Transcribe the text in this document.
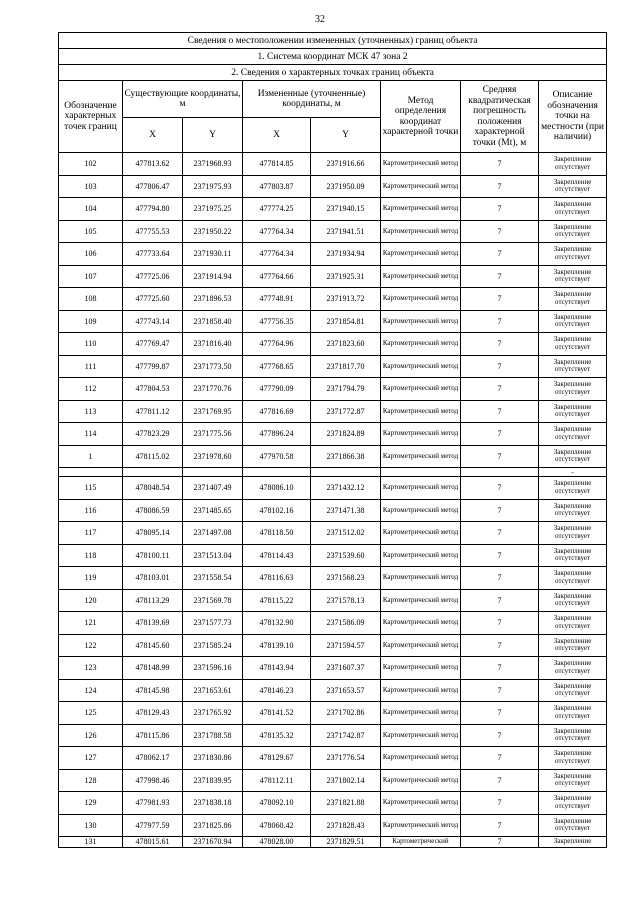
32
Сведения о местоположении измененных (уточненных) границ объекта							
1. Система координат МСК 47 зона 2							
2. Сведения о характерных точках границ объекта							
Обозначение характерных точек границ	Существующие координаты, м		Измененные (уточненные) координаты, м		Метод определения координат характерной точки	Средняя квадратическая погрешность положения характерной точки (Mt), м	Описание обозначения точки на местности (при наличии)
	X	Y	X	Y			
102	477813.62	2371968.93	477814.85	2371916.66	Картометрический метод	7	Закрепление отсутствует
103	477806.47	2371975.93	477803.87	2371950.09	Картометрический метод	7	Закрепление отсутствует
104	477794.80	2371975.25	477774.25	2371940.15	Картометрический метод	7	Закрепление отсутствует
105	477755.53	2371950.22	477764.34	2371941.51	Картометрический метод	7	Закрепление отсутствует
106	477733.64	2371930.11	477764.34	2371934.94	Картометрический метод	7	Закрепление отсутствует
107	477725.06	2371914.94	477764.66	2371925.31	Картометрический метод	7	Закрепление отсутствует
108	477725.60	2371896.53	477748.91	2371913.72	Картометрический метод	7	Закрепление отсутствует
109	477743.14	2371858.40	477756.35	2371854.81	Картометрический метод	7	Закрепление отсутствует
110	477769.47	2371816.40	477764.96	2371823.60	Картометрический метод	7	Закрепление отсутствует
111	477799.87	2371773.50	477768.65	2371817.70	Картометрический метод	7	Закрепление отсутствует
112	477804.53	2371770.76	477790.09	2371794.79	Картометрический метод	7	Закрепление отсутствует
113	477811.12	2371769.95	477816.69	2371772.87	Картометрический метод	7	Закрепление отсутствует
114	477823.29	2371775.56	477896.24	2371824.89	Картометрический метод	7	Закрепление отсутствует
1	478115.02	2371978.60	477970.58	2371866.38	Картометрический метод	7	Закрепление отсутствует
							-
115	478048.54	2371407.49	478086.10	2371432.12	Картометрический метод	7	Закрепление отсутствует
116	478086.59	2371485.65	478102.16	2371471.38	Картометрический метод	7	Закрепление отсутствует
117	478095.14	2371497.08	478118.50	2371512.02	Картометрический метод	7	Закрепление отсутствует
118	478100.11	2371513.04	478114.43	2371539.60	Картометрический метод	7	Закрепление отсутствует
119	478103.01	2371558.54	478116.63	2371568.23	Картометрический метод	7	Закрепление отсутствует
120	478113.29	2371569.78	478115.22	2371578.13	Картометрический метод	7	Закрепление отсутствует
121	478139.69	2371577.73	478132.90	2371586.09	Картометрический метод	7	Закрепление отсутствует
122	478145.60	2371585.24	478139.10	2371594.57	Картометрический метод	7	Закрепление отсутствует
123	478148.99	2371596.16	478143.94	2371607.37	Картометрический метод	7	Закрепление отсутствует
124	478145.98	2371653.61	478146.23	2371653.57	Картометрический метод	7	Закрепление отсутствует
125	478129.43	2371765.92	478141.52	2371702.86	Картометрический метод	7	Закрепление отсутствует
126	478115.86	2371788.58	478135.32	2371742.87	Картометрический метод	7	Закрепление отсутствует
127	478062.17	2371830.86	478129.67	2371776.54	Картометрический метод	7	Закрепление отсутствует
128	477998.46	2371839.95	478112.11	2371802.14	Картометрический метод	7	Закрепление отсутствует
129	477981.93	2371838.18	478092.10	2371821.88	Картометрический метод	7	Закрепление отсутствует
130	477977.59	2371825.86	478060.42	2371828.43	Картометрический метод	7	Закрепление отсутствует
131	478015.61	2371670.94	478028.00	2371829.51	Картометрический	7	Закрепление
